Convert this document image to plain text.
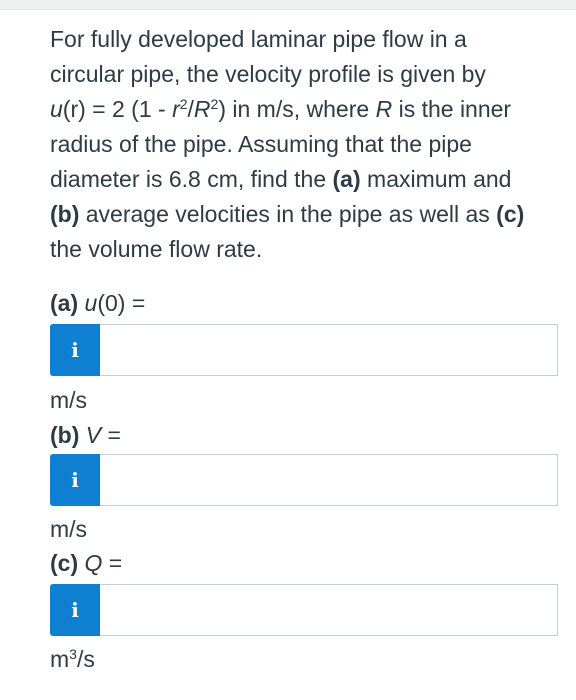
For fully developed laminar pipe flow in a
circular pipe, the velocity profile is given by
u(r) = 2 $(1 - r^2/R^2)$ in m/s, where R is the inner
radius of the pipe. Assuming that the pipe
diameter is 6.8 cm, find the (a) maximum and
(b) average velocities in the pipe as well as (c)
the volume flow rate.
(a) u(0) =
i
m/s
(b) V =
i
m/s
(c) Q =
i
$m^3/s$
